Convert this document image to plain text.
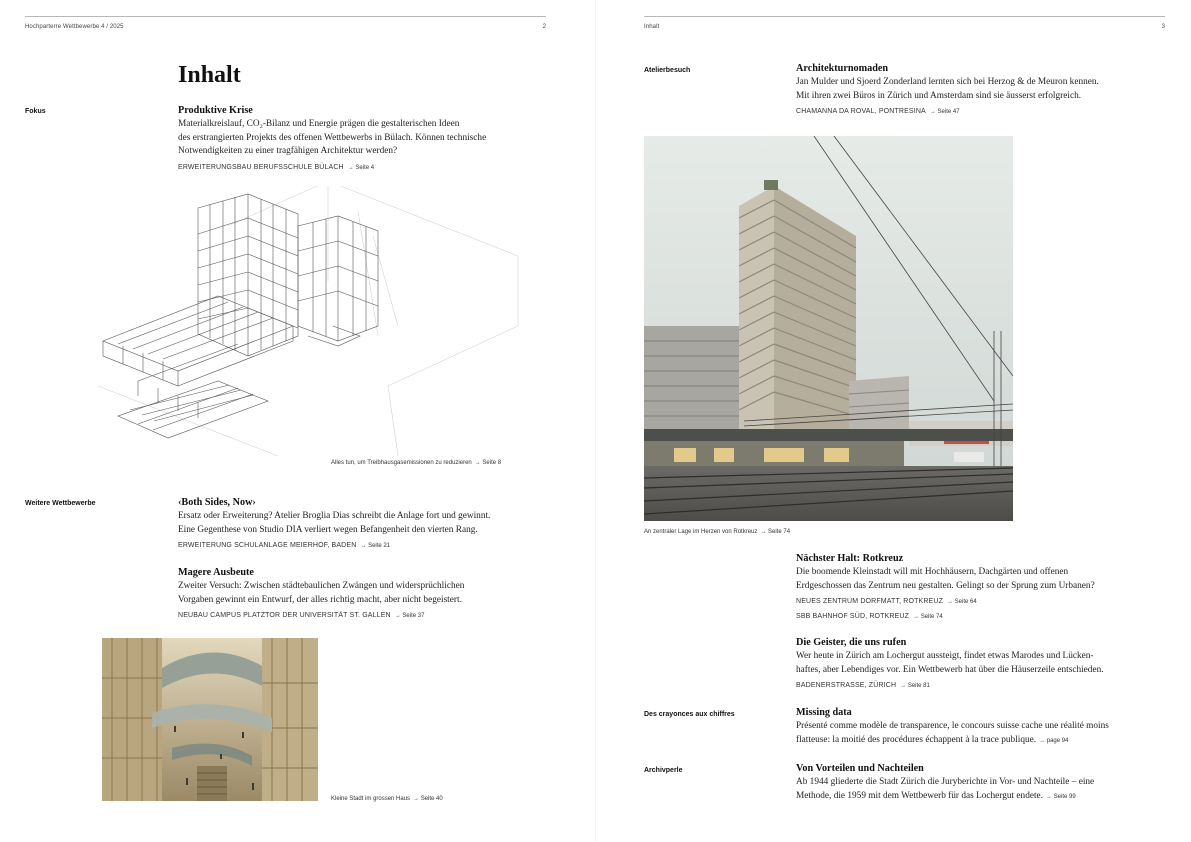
Hochparterre Wettbewerbe 4 / 2025	2
Inhalt
Fokus	Produktive Krise
Materialkreislauf, CO₂-Bilanz und Energie prägen die gestalterischen Ideen
des erstrangierten Projekts des offenen Wettbewerbs in Bülach. Können technische
Notwendigkeiten zu einer tragfähigen Architektur werden?
ERWEITERUNGSBAU BERUFSSCHULE BÜLACH → Seite 4
Alles tun, um Treibhausgasemissionen zu reduzieren → Seite 8
Weitere Wettbewerbe	‹Both Sides, Now›
Ersatz oder Erweiterung? Atelier Broglia Dias schreibt die Anlage fort und gewinnt.
Eine Gegenthese von Studio DIA verliert wegen Befangenheit den vierten Rang.
ERWEITERUNG SCHULANLAGE MEIERHOF, BADEN → Seite 21
Magere Ausbeute
Zweiter Versuch: Zwischen städtebaulichen Zwängen und widersprüchlichen
Vorgaben gewinnt ein Entwurf, der alles richtig macht, aber nicht begeistert.
NEUBAU CAMPUS PLATZTOR DER UNIVERSITÄT ST. GALLEN → Seite 37
Kleine Stadt im grossen Haus → Seite 40
Inhalt	3
Atelierbesuch	Architekturnomaden
Jan Mulder und Sjoerd Zonderland lernten sich bei Herzog & de Meuron kennen.
Mit ihren zwei Büros in Zürich und Amsterdam sind sie äusserst erfolgreich.
CHAMANNA DA ROVAL, PONTRESINA → Seite 47
An zentraler Lage im Herzen von Rotkreuz → Seite 74
Nächster Halt: Rotkreuz
Die boomende Kleinstadt will mit Hochhäusern, Dachgärten und offenen
Erdgeschossen das Zentrum neu gestalten. Gelingt so der Sprung zum Urbanen?
NEUES ZENTRUM DORFMATT, ROTKREUZ → Seite 64
SBB BAHNHOF SÜD, ROTKREUZ → Seite 74
Die Geister, die uns rufen
Wer heute in Zürich am Lochergut aussteigt, findet etwas Marodes und Lücken-
haftes, aber Lebendiges vor. Ein Wettbewerb hat über die Häuserzeile entschieden.
BADENERSTRASSE, ZÜRICH → Seite 81
Des crayonces aux chiffres	Missing data
Présenté comme modèle de transparence, le concours suisse cache une réalité moins
flatteuse: la moitié des procédures échappent à la trace publique. → page 94
Archivperle	Von Vorteilen und Nachteilen
Ab 1944 gliederte die Stadt Zürich die Juryberichte in Vor- und Nachteile – eine
Methode, die 1959 mit dem Wettbewerb für das Lochergut endete. → Seite 99
